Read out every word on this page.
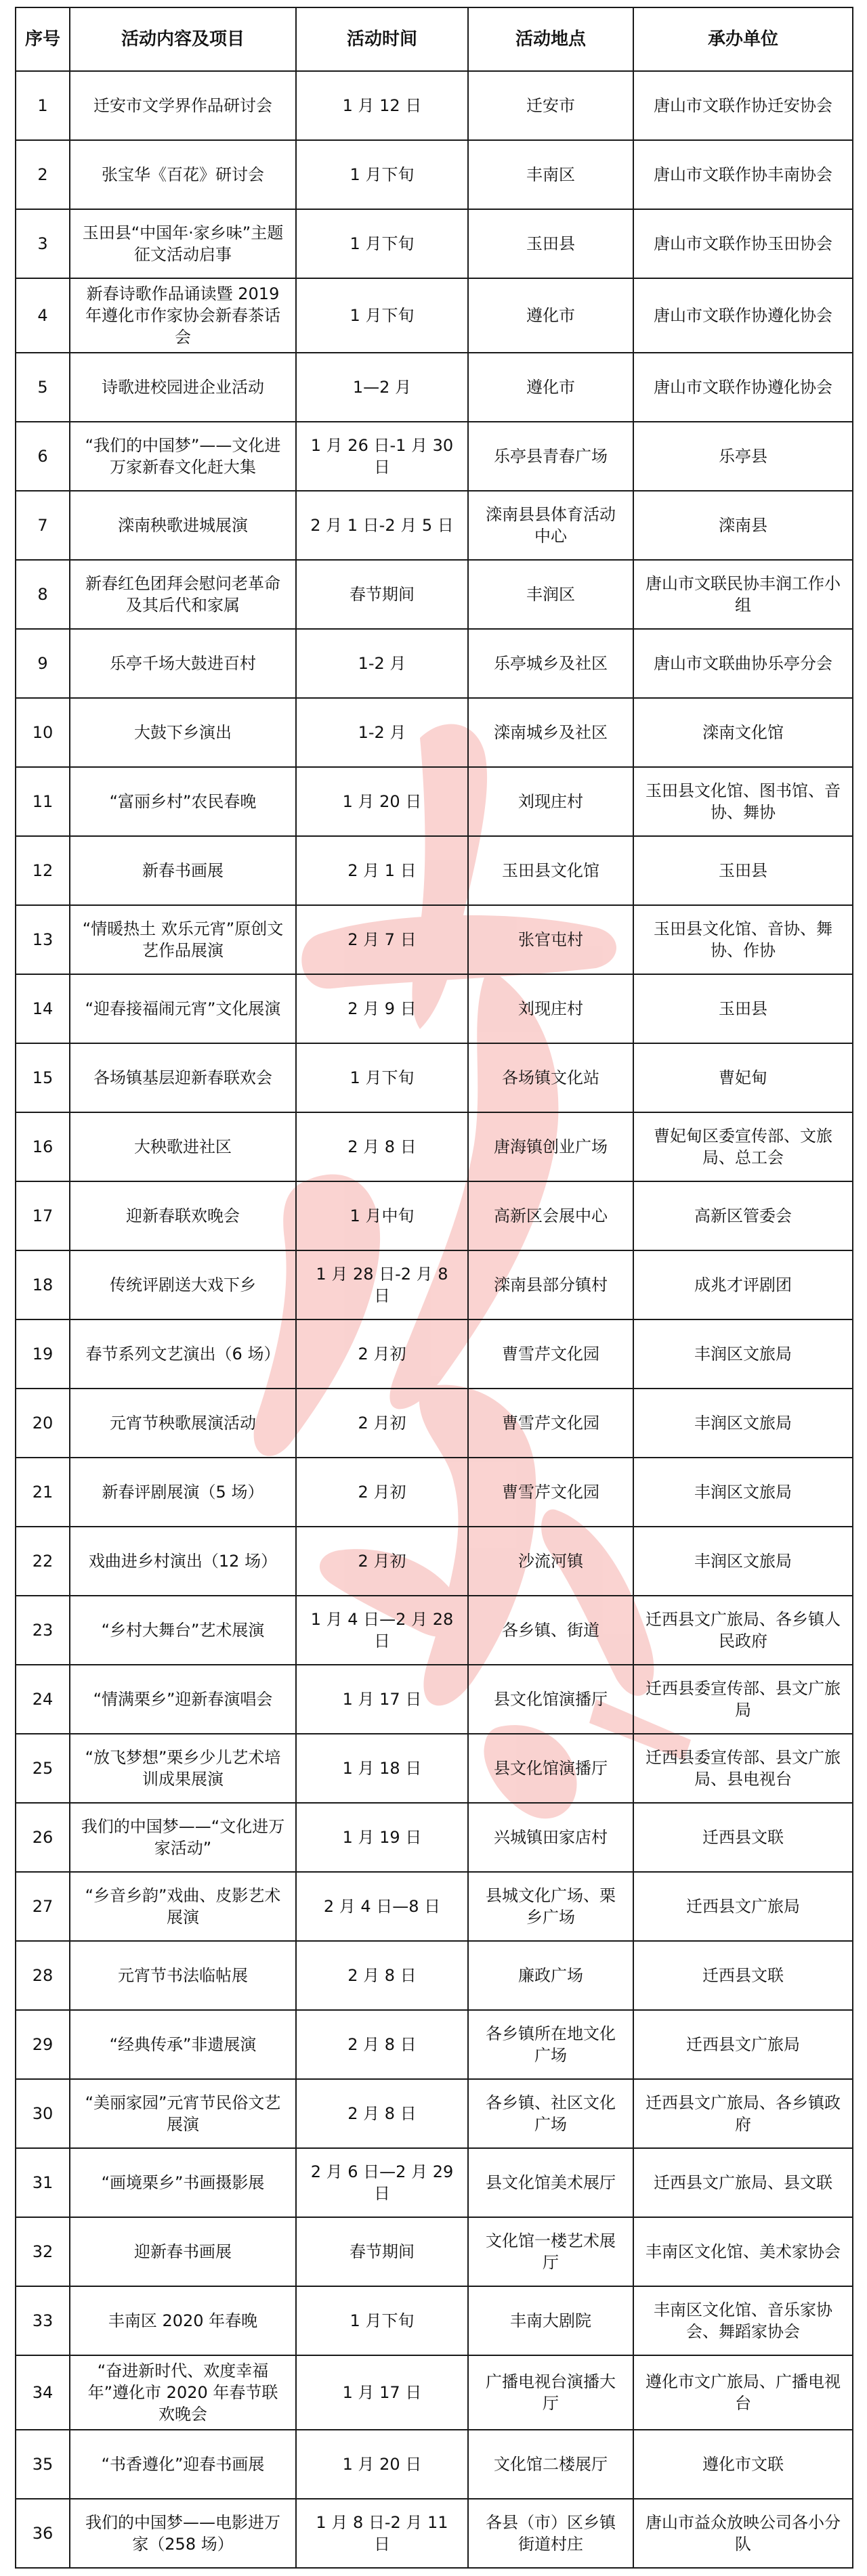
序号	活动内容及项目	活动时间	活动地点	承办单位
1	迁安市文学界作品研讨会	1 月 12 日	迁安市	唐山市文联作协迁安协会
2	张宝华《百花》研讨会	1 月下旬	丰南区	唐山市文联作协丰南协会
3	玉田县“中国年·家乡味”主题征文活动启事	1 月下旬	玉田县	唐山市文联作协玉田协会
4	新春诗歌作品诵读暨 2019 年遵化市作家协会新春茶话会	1 月下旬	遵化市	唐山市文联作协遵化协会
5	诗歌进校园进企业活动	1—2 月	遵化市	唐山市文联作协遵化协会
6	“我们的中国梦”——文化进万家新春文化赶大集	1 月 26 日-1 月 30 日	乐亭县青春广场	乐亭县
7	滦南秧歌进城展演	2 月 1 日-2 月 5 日	滦南县县体育活动中心	滦南县
8	新春红色团拜会慰问老革命及其后代和家属	春节期间	丰润区	唐山市文联民协丰润工作小组
9	乐亭千场大鼓进百村	1-2 月	乐亭城乡及社区	唐山市文联曲协乐亭分会
10	大鼓下乡演出	1-2 月	滦南城乡及社区	滦南文化馆
11	“富丽乡村”农民春晚	1 月 20 日	刘现庄村	玉田县文化馆、图书馆、音协、舞协
12	新春书画展	2 月 1 日	玉田县文化馆	玉田县
13	“情暖热土 欢乐元宵”原创文艺作品展演	2 月 7 日	张官屯村	玉田县文化馆、音协、舞协、作协
14	“迎春接福闹元宵”文化展演	2 月 9 日	刘现庄村	玉田县
15	各场镇基层迎新春联欢会	1 月下旬	各场镇文化站	曹妃甸
16	大秧歌进社区	2 月 8 日	唐海镇创业广场	曹妃甸区委宣传部、文旅局、总工会
17	迎新春联欢晚会	1 月中旬	高新区会展中心	高新区管委会
18	传统评剧送大戏下乡	1 月 28 日-2 月 8 日	滦南县部分镇村	成兆才评剧团
19	春节系列文艺演出（6 场）	2 月初	曹雪芹文化园	丰润区文旅局
20	元宵节秧歌展演活动	2 月初	曹雪芹文化园	丰润区文旅局
21	新春评剧展演（5 场）	2 月初	曹雪芹文化园	丰润区文旅局
22	戏曲进乡村演出（12 场）	2 月初	沙流河镇	丰润区文旅局
23	“乡村大舞台”艺术展演	1 月 4 日—2 月 28 日	各乡镇、街道	迁西县文广旅局、各乡镇人民政府
24	“情满栗乡”迎新春演唱会	1 月 17 日	县文化馆演播厅	迁西县委宣传部、县文广旅局
25	“放飞梦想”栗乡少儿艺术培训成果展演	1 月 18 日	县文化馆演播厅	迁西县委宣传部、县文广旅局、县电视台
26	我们的中国梦——“文化进万家活动”	1 月 19 日	兴城镇田家店村	迁西县文联
27	“乡音乡韵”戏曲、皮影艺术展演	2 月 4 日—8 日	县城文化广场、栗乡广场	迁西县文广旅局
28	元宵节书法临帖展	2 月 8 日	廉政广场	迁西县文联
29	“经典传承”非遗展演	2 月 8 日	各乡镇所在地文化广场	迁西县文广旅局
30	“美丽家园”元宵节民俗文艺展演	2 月 8 日	各乡镇、社区文化广场	迁西县文广旅局、各乡镇政府
31	“画境栗乡”书画摄影展	2 月 6 日—2 月 29 日	县文化馆美术展厅	迁西县文广旅局、县文联
32	迎新春书画展	春节期间	文化馆一楼艺术展厅	丰南区文化馆、美术家协会
33	丰南区 2020 年春晚	1 月下旬	丰南大剧院	丰南区文化馆、音乐家协会、舞蹈家协会
34	“奋进新时代、欢度幸福年”遵化市 2020 年春节联欢晚会	1 月 17 日	广播电视台演播大厅	遵化市文广旅局、广播电视台
35	“书香遵化”迎春书画展	1 月 20 日	文化馆二楼展厅	遵化市文联
36	我们的中国梦——电影进万家（258 场）	1 月 8 日-2 月 11 日	各县（市）区乡镇街道村庄	唐山市益众放映公司各小分队
